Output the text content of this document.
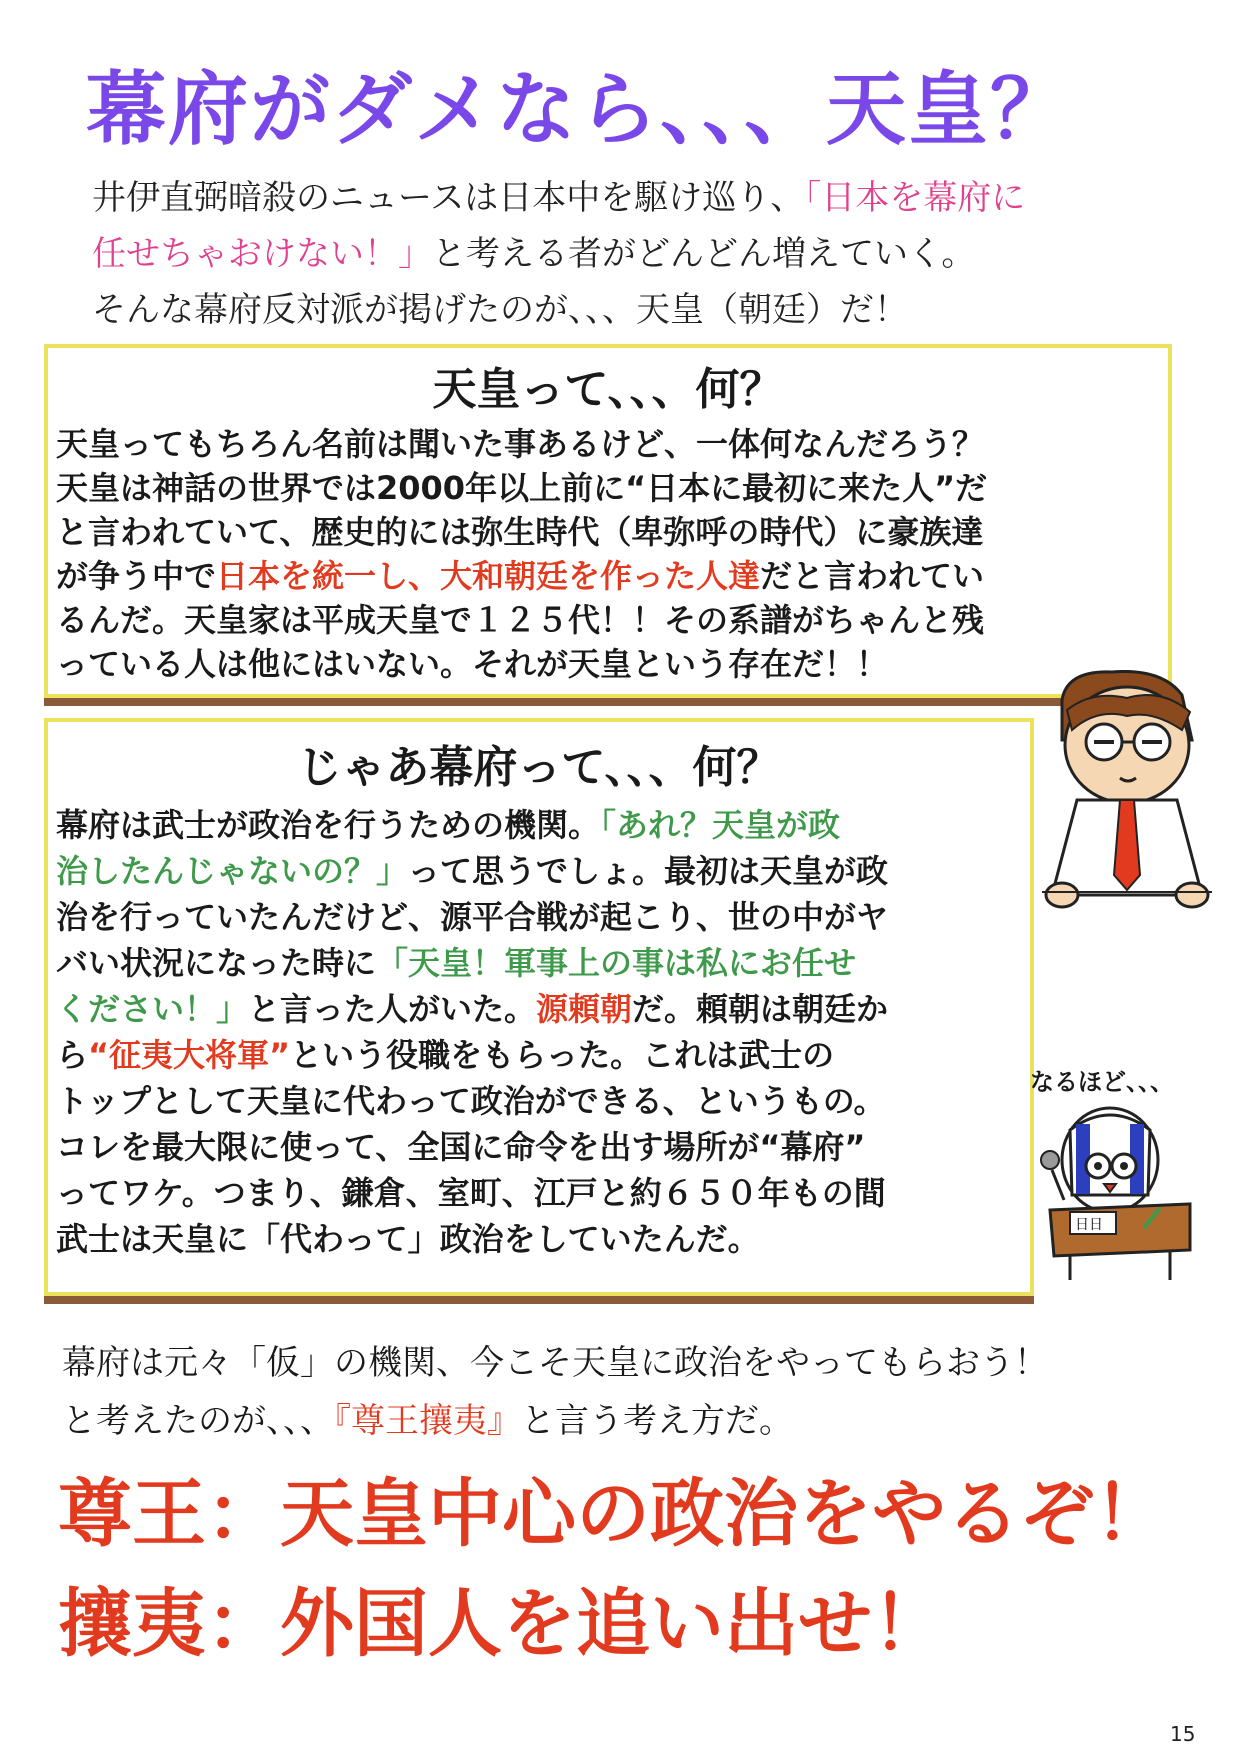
幕府がダメなら、、、天皇？
井伊直弼暗殺のニュースは日本中を駆け巡り、「日本を幕府に
任せちゃおけない！」と考える者がどんどん増えていく。
そんな幕府反対派が掲げたのが、、、天皇（朝廷）だ！
天皇って、、、何？
天皇ってもちろん名前は聞いた事あるけど、一体何なんだろう？
天皇は神話の世界では2000年以上前に“日本に最初に来た人”だ
と言われていて、歴史的には弥生時代（卑弥呼の時代）に豪族達
が争う中で日本を統一し、大和朝廷を作った人達だと言われてい
るんだ。天皇家は平成天皇で１２５代！！その系譜がちゃんと残
っている人は他にはいない。それが天皇という存在だ！！
じゃあ幕府って、、、何？
幕府は武士が政治を行うための機関。「あれ？天皇が政
治したんじゃないの？」って思うでしょ。最初は天皇が政
治を行っていたんだけど、源平合戦が起こり、世の中がヤ
バい状況になった時に「天皇！軍事上の事は私にお任せ
ください！」と言った人がいた。源頼朝だ。頼朝は朝廷か
ら“征夷大将軍”という役職をもらった。これは武士の
トップとして天皇に代わって政治ができる、というもの。
コレを最大限に使って、全国に命令を出す場所が“幕府”
ってワケ。つまり、鎌倉、室町、江戸と約６５０年もの間
武士は天皇に「代わって」政治をしていたんだ。
なるほど、、、
日日
幕府は元々「仮」の機関、今こそ天皇に政治をやってもらおう！
と考えたのが、、、『尊王攘夷』と言う考え方だ。
尊王：天皇中心の政治をやるぞ！
攘夷：外国人を追い出せ！
15
